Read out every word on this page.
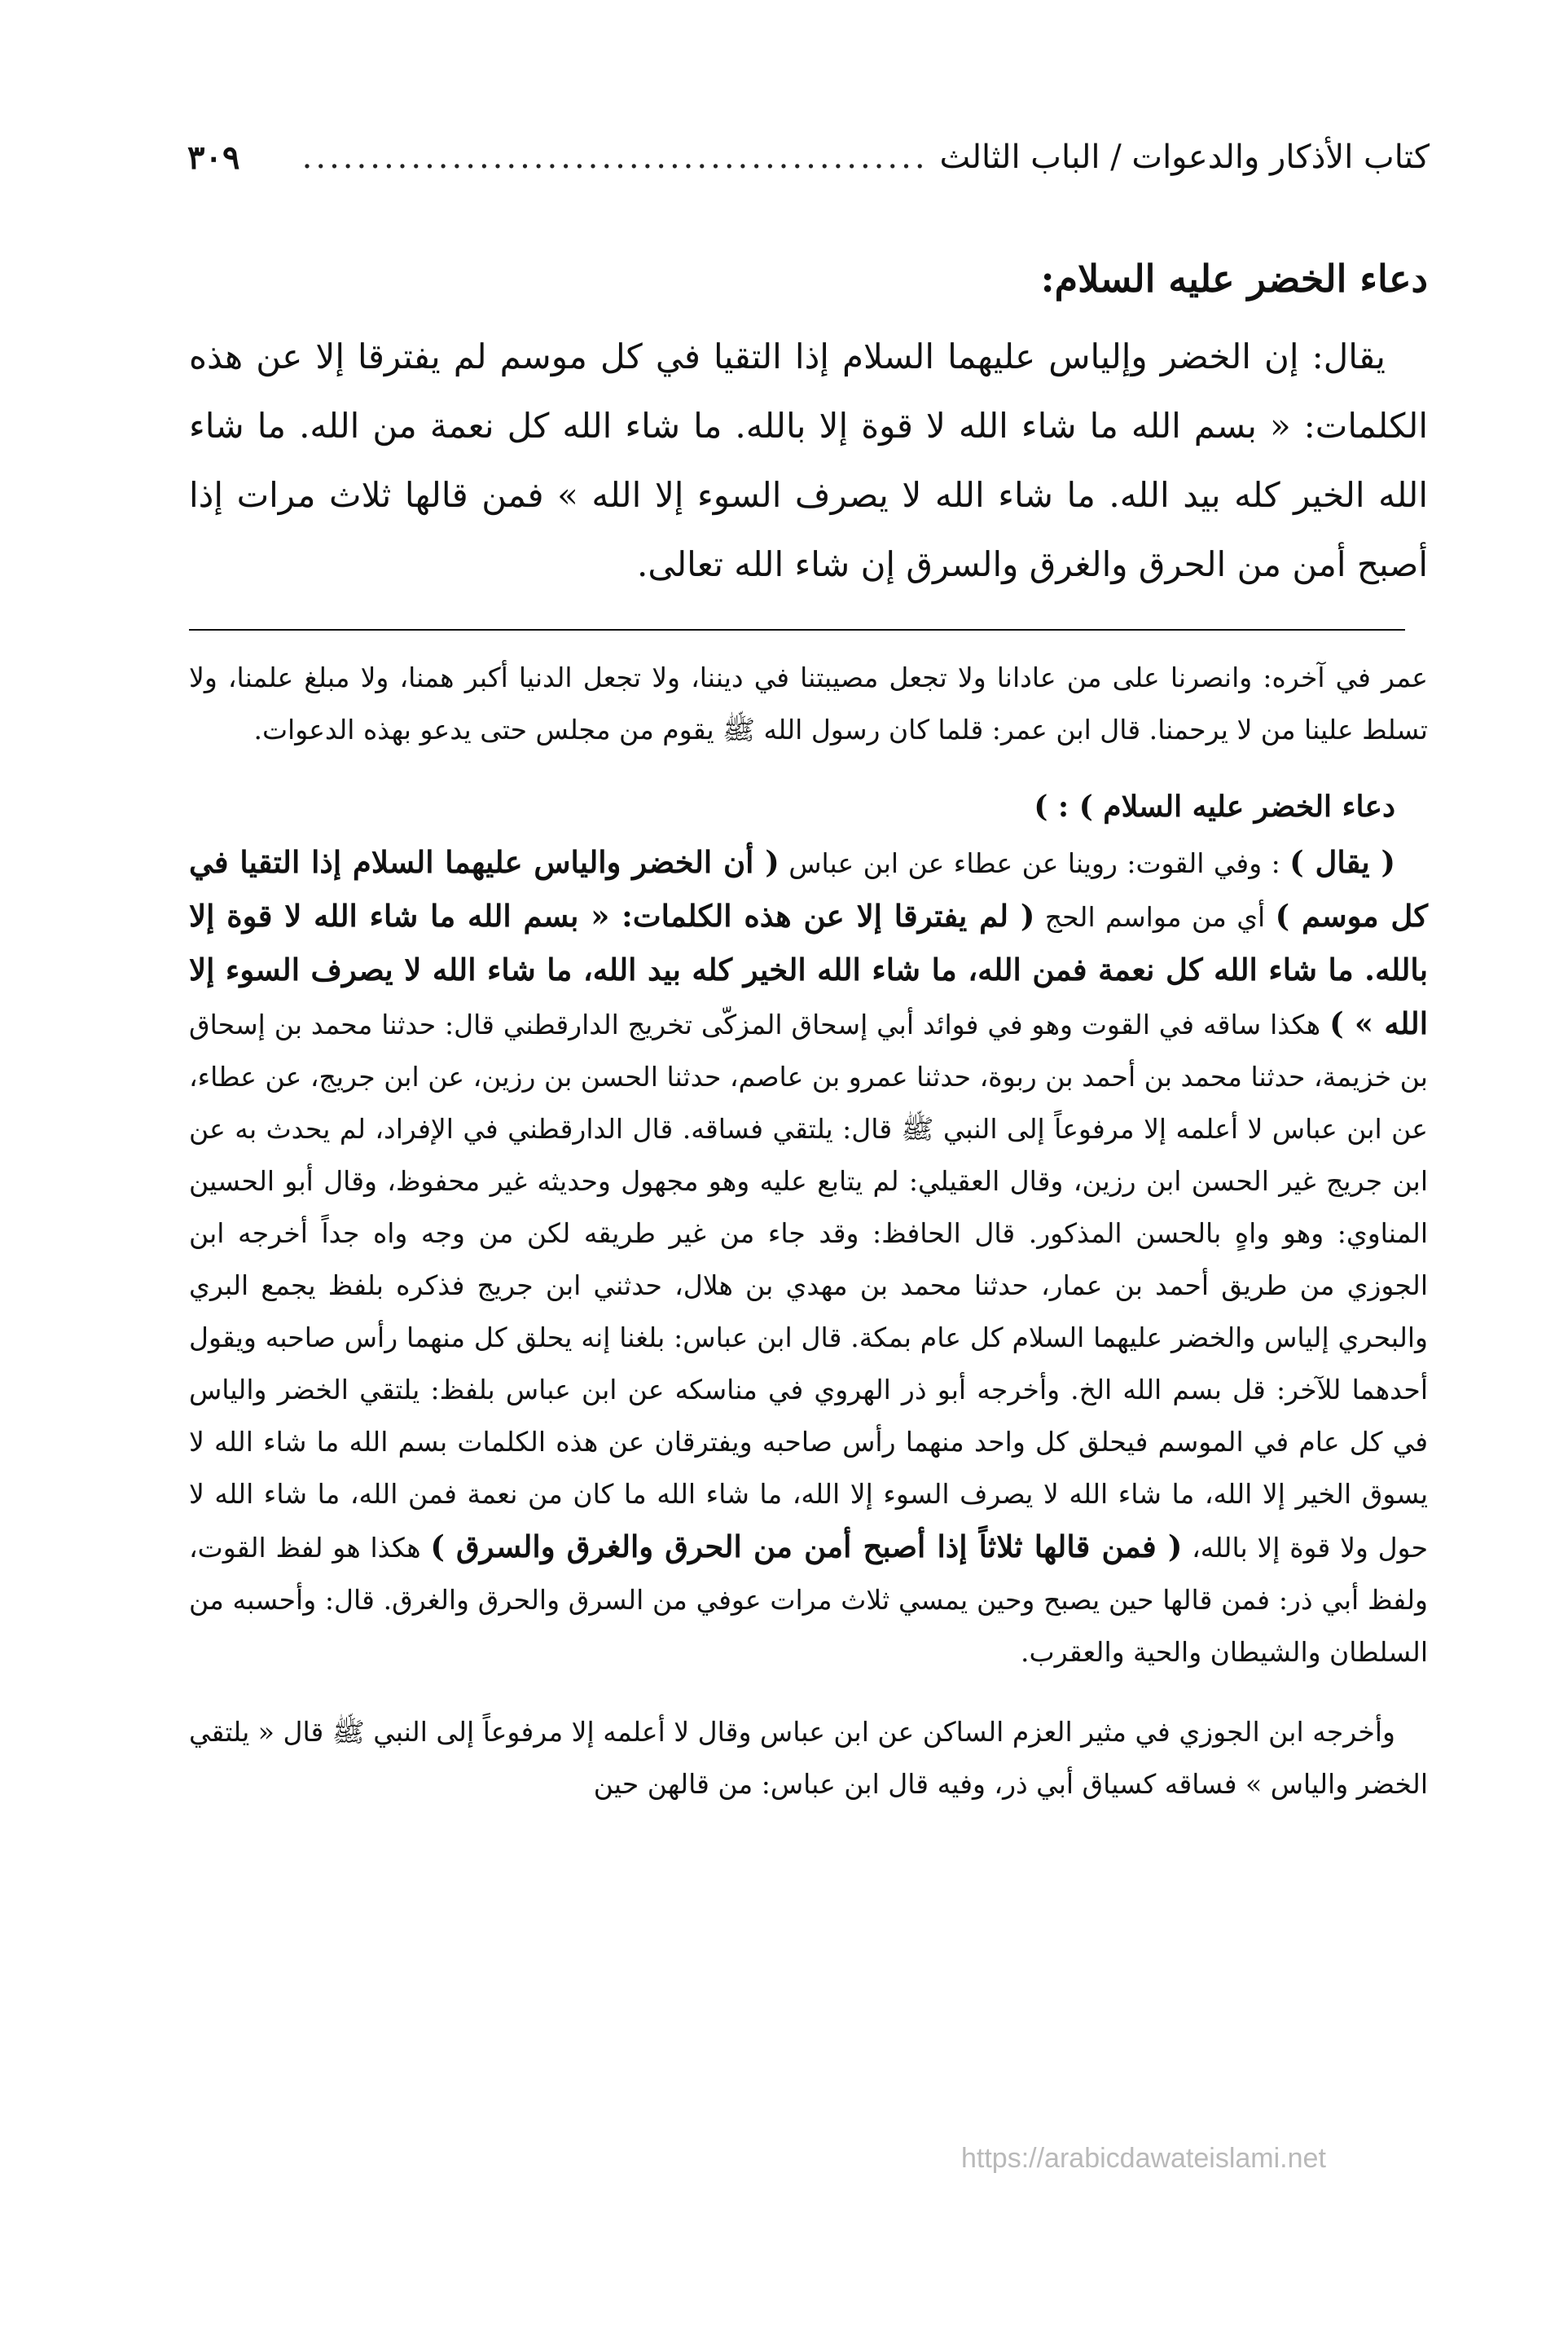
كتاب الأذكار والدعوات / الباب الثالث
..............................................
٣٠٩

دعاء الخضر عليه السلام:

يقال: إن الخضر وإلياس عليهما السلام إذا التقيا في كل موسم لم يفترقا إلا عن هذه الكلمات: « بسم الله ما شاء الله لا قوة إلا بالله. ما شاء الله كل نعمة من الله. ما شاء الله الخير كله بيد الله. ما شاء الله لا يصرف السوء إلا الله » فمن قالها ثلاث مرات إذا أصبح أمن من الحرق والغرق والسرق إن شاء الله تعالى.

عمر في آخره: وانصرنا على من عادانا ولا تجعل مصيبتنا في ديننا، ولا تجعل الدنيا أكبر همنا، ولا مبلغ علمنا، ولا تسلط علينا من لا يرحمنا. قال ابن عمر: قلما كان رسول الله ﷺ يقوم من مجلس حتى يدعو بهذه الدعوات.

دعاء الخضر عليه السلام ) : )

( يقال ) : وفي القوت: روينا عن عطاء عن ابن عباس ( أن الخضر والياس عليهما السلام إذا التقيا في كل موسم ) أي من مواسم الحج ( لم يفترقا إلا عن هذه الكلمات: « بسم الله ما شاء الله لا قوة إلا بالله. ما شاء الله كل نعمة فمن الله، ما شاء الله الخير كله بيد الله، ما شاء الله لا يصرف السوء إلا الله » ) هكذا ساقه في القوت وهو في فوائد أبي إسحاق المزكّى تخريج الدارقطني قال: حدثنا محمد بن إسحاق بن خزيمة، حدثنا محمد بن أحمد بن ربوة، حدثنا عمرو بن عاصم، حدثنا الحسن بن رزين، عن ابن جريج، عن عطاء، عن ابن عباس لا أعلمه إلا مرفوعاً إلى النبي ﷺ قال: يلتقي فساقه. قال الدارقطني في الإفراد، لم يحدث به عن ابن جريج غير الحسن ابن رزين، وقال العقيلي: لم يتابع عليه وهو مجهول وحديثه غير محفوظ، وقال أبو الحسين المناوي: وهو واهٍ بالحسن المذكور. قال الحافظ: وقد جاء من غير طريقه لكن من وجه واه جداً أخرجه ابن الجوزي من طريق أحمد بن عمار، حدثنا محمد بن مهدي بن هلال، حدثني ابن جريج فذكره بلفظ يجمع البري والبحري إلياس والخضر عليهما السلام كل عام بمكة. قال ابن عباس: بلغنا إنه يحلق كل منهما رأس صاحبه ويقول أحدهما للآخر: قل بسم الله الخ. وأخرجه أبو ذر الهروي في مناسكه عن ابن عباس بلفظ: يلتقي الخضر والياس في كل عام في الموسم فيحلق كل واحد منهما رأس صاحبه ويفترقان عن هذه الكلمات بسم الله ما شاء الله لا يسوق الخير إلا الله، ما شاء الله لا يصرف السوء إلا الله، ما شاء الله ما كان من نعمة فمن الله، ما شاء الله لا حول ولا قوة إلا بالله، ( فمن قالها ثلاثاً إذا أصبح أمن من الحرق والغرق والسرق ) هكذا هو لفظ القوت، ولفظ أبي ذر: فمن قالها حين يصبح وحين يمسي ثلاث مرات عوفي من السرق والحرق والغرق. قال: وأحسبه من السلطان والشيطان والحية والعقرب.

وأخرجه ابن الجوزي في مثير العزم الساكن عن ابن عباس وقال لا أعلمه إلا مرفوعاً إلى النبي ﷺ قال « يلتقي الخضر والياس » فساقه كسياق أبي ذر، وفيه قال ابن عباس: من قالهن حين

https://arabicdawateislami.net
